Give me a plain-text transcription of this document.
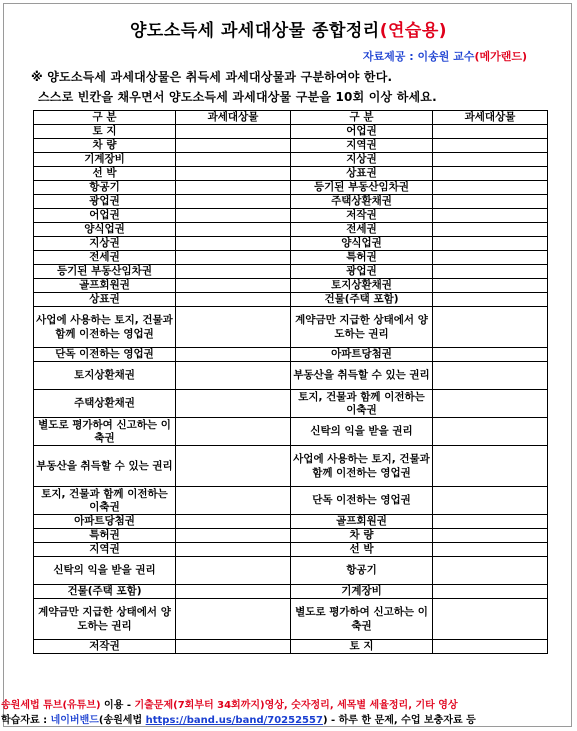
양도소득세 과세대상물 종합정리(연습용)
자료제공 : 이송원 교수(메가랜드)
※ 양도소득세 과세대상물은 취득세 과세대상물과 구분하여야 한다.
스스로 빈칸을 채우면서 양도소득세 과세대상물 구분을 10회 이상 하세요.
구 분	과세대상물	구 분	과세대상물
토 지		어업권	
차 량		지역권	
기계장비		지상권	
선 박		상표권	
항공기		등기된 부동산임차권	
광업권		주택상환채권	
어업권		저작권	
양식업권		전세권	
지상권		양식업권	
전세권		특허권	
등기된 부동산임차권		광업권	
골프회원권		토지상환채권	
상표권		건물(주택 포함)	
사업에 사용하는 토지, 건물과 함께 이전하는 영업권		계약금만 지급한 상태에서 양도하는 권리	
단독 이전하는 영업권		아파트당첨권	
토지상환채권		부동산을 취득할 수 있는 권리	
주택상환채권		토지, 건물과 함께 이전하는 이축권	
별도로 평가하여 신고하는 이축권		신탁의 익을 받을 권리	
부동산을 취득할 수 있는 권리		사업에 사용하는 토지, 건물과 함께 이전하는 영업권	
토지, 건물과 함께 이전하는 이축권		단독 이전하는 영업권	
아파트당첨권		골프회원권	
특허권		차 량	
지역권		선 박	
신탁의 익을 받을 권리		항공기	
건물(주택 포함)		기계장비	
계약금만 지급한 상태에서 양도하는 권리		별도로 평가하여 신고하는 이축권	
저작권		토 지	
송원세법 튜브(유튜브) 이용 - 기출문제(7회부터 34회까지)영상, 숫자정리, 세목별 세율정리, 기타 영상
학습자료 : 네이버밴드(송원세법 https://band.us/band/70252557) - 하루 한 문제, 수업 보충자료 등
